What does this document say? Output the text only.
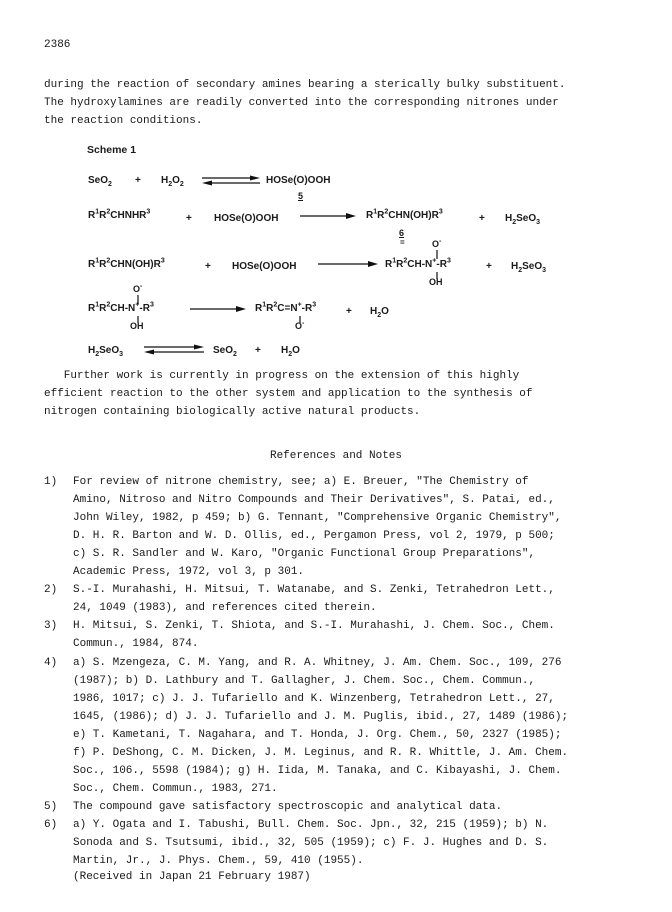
2386
during the reaction of secondary amines bearing a sterically bulky substituent.
The hydroxylamines are readily converted into the corresponding nitrones under
the reaction conditions.
Scheme 1
$SeO_2 + H_2O_2$ ⇌ HOSe(O)OOH
5
$R^1R^2CHNHR^3$
+ HOSe(O)OOH → $R^1R^2CHN(OH)R^3$
+ $H_2SeO_3$
6
=
$R^1R^2CHN(OH)R^3$	+ HOSe(O)OOH →
O-
$R^1R^2CH-N^+-R^3$
OH
+ $H_2SeO_3$
O-
$R^1R^2CH-N^+-R^3$
OH
→ $R^1R^2C=N^+-R^3$
O-
+ $H_2O$
$H_2SeO_3$ ⇌ $SeO_2 + H_2O$
Further work is currently in progress on the extension of this highly
efficient reaction to the other system and application to the synthesis of
nitrogen containing biologically active natural products.
References and Notes
1) For review of nitrone chemistry, see; a) E. Breuer, "The Chemistry of
Amino, Nitroso and Nitro Compounds and Their Derivatives", S. Patai, ed.,
John Wiley, 1982, p 459; b) G. Tennant, "Comprehensive Organic Chemistry",
D. H. R. Barton and W. D. Ollis, ed., Pergamon Press, vol 2, 1979, p 500;
c) S. R. Sandler and W. Karo, "Organic Functional Group Preparations",
Academic Press, 1972, vol 3, p 301.
2) S.-I. Murahashi, H. Mitsui, T. Watanabe, and S. Zenki, Tetrahedron Lett.,
24, 1049 (1983), and references cited therein.
3) H. Mitsui, S. Zenki, T. Shiota, and S.-I. Murahashi, J. Chem. Soc., Chem.
Commun., 1984, 874.
4) a) S. Mzengeza, C. M. Yang, and R. A. Whitney, J. Am. Chem. Soc., 109, 276
(1987); b) D. Lathbury and T. Gallagher, J. Chem. Soc., Chem. Commun.,
1986, 1017; c) J. J. Tufariello and K. Winzenberg, Tetrahedron Lett., 27,
1645, (1986); d) J. J. Tufariello and J. M. Puglis, ibid., 27, 1489 (1986);
e) T. Kametani, T. Nagahara, and T. Honda, J. Org. Chem., 50, 2327 (1985);
f) P. DeShong, C. M. Dicken, J. M. Leginus, and R. R. Whittle, J. Am. Chem.
Soc., 106., 5598 (1984); g) H. Iida, M. Tanaka, and C. Kibayashi, J. Chem.
Soc., Chem. Commun., 1983, 271.
5) The compound gave satisfactory spectroscopic and analytical data.
6) a) Y. Ogata and I. Tabushi, Bull. Chem. Soc. Jpn., 32, 215 (1959); b) N.
Sonoda and S. Tsutsumi, ibid., 32, 505 (1959); c) F. J. Hughes and D. S.
Martin, Jr., J. Phys. Chem., 59, 410 (1955).
(Received in Japan 21 February 1987)
